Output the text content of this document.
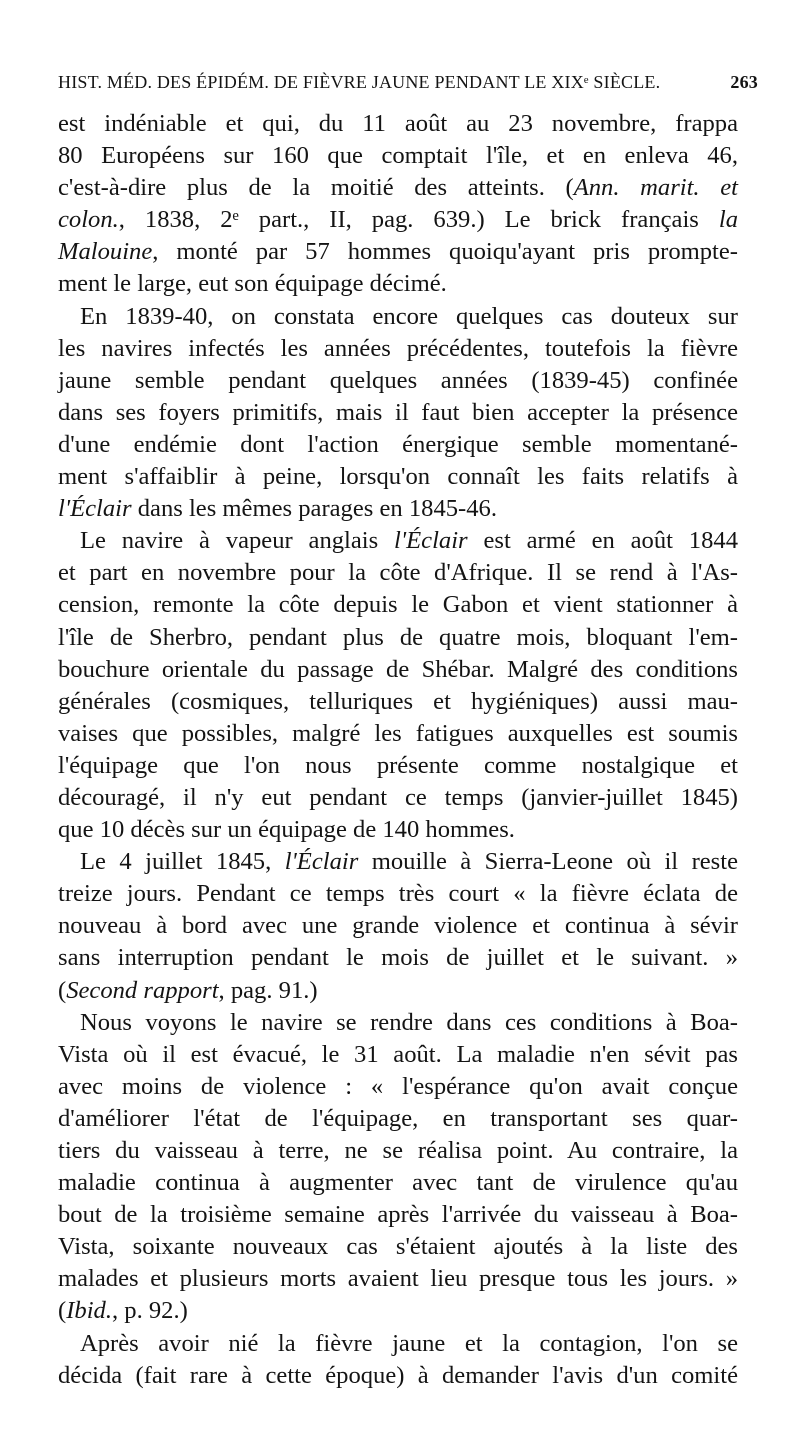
HIST. MÉD. DES ÉPIDÉM. DE FIÈVRE JAUNE PENDANT LE XIXᵉ SIÈCLE.	263
est indéniable et qui, du 11 août au 23 novembre, frappa
80 Européens sur 160 que comptait l'île, et en enleva 46,
c'est-à-dire plus de la moitié des atteints. (Ann. marit. et
colon., 1838, 2ᵉ part., II, pag. 639.) Le brick français la
Malouine, monté par 57 hommes quoiqu'ayant pris prompte-
ment le large, eut son équipage décimé.
En 1839-40, on constata encore quelques cas douteux sur
les navires infectés les années précédentes, toutefois la fièvre
jaune semble pendant quelques années (1839-45) confinée
dans ses foyers primitifs, mais il faut bien accepter la présence
d'une endémie dont l'action énergique semble momentané-
ment s'affaiblir à peine, lorsqu'on connaît les faits relatifs à
l'Éclair dans les mêmes parages en 1845-46.
Le navire à vapeur anglais l'Éclair est armé en août 1844
et part en novembre pour la côte d'Afrique. Il se rend à l'As-
cension, remonte la côte depuis le Gabon et vient stationner à
l'île de Sherbro, pendant plus de quatre mois, bloquant l'em-
bouchure orientale du passage de Shébar. Malgré des conditions
générales (cosmiques, telluriques et hygiéniques) aussi mau-
vaises que possibles, malgré les fatigues auxquelles est soumis
l'équipage que l'on nous présente comme nostalgique et
découragé, il n'y eut pendant ce temps (janvier-juillet 1845)
que 10 décès sur un équipage de 140 hommes.
Le 4 juillet 1845, l'Éclair mouille à Sierra-Leone où il reste
treize jours. Pendant ce temps très court « la fièvre éclata de
nouveau à bord avec une grande violence et continua à sévir
sans interruption pendant le mois de juillet et le suivant. »
(Second rapport, pag. 91.)
Nous voyons le navire se rendre dans ces conditions à Boa-
Vista où il est évacué, le 31 août. La maladie n'en sévit pas
avec moins de violence : « l'espérance qu'on avait conçue
d'améliorer l'état de l'équipage, en transportant ses quar-
tiers du vaisseau à terre, ne se réalisa point. Au contraire, la
maladie continua à augmenter avec tant de virulence qu'au
bout de la troisième semaine après l'arrivée du vaisseau à Boa-
Vista, soixante nouveaux cas s'étaient ajoutés à la liste des
malades et plusieurs morts avaient lieu presque tous les jours. »
(Ibid., p. 92.)
Après avoir nié la fièvre jaune et la contagion, l'on se
décida (fait rare à cette époque) à demander l'avis d'un comité
